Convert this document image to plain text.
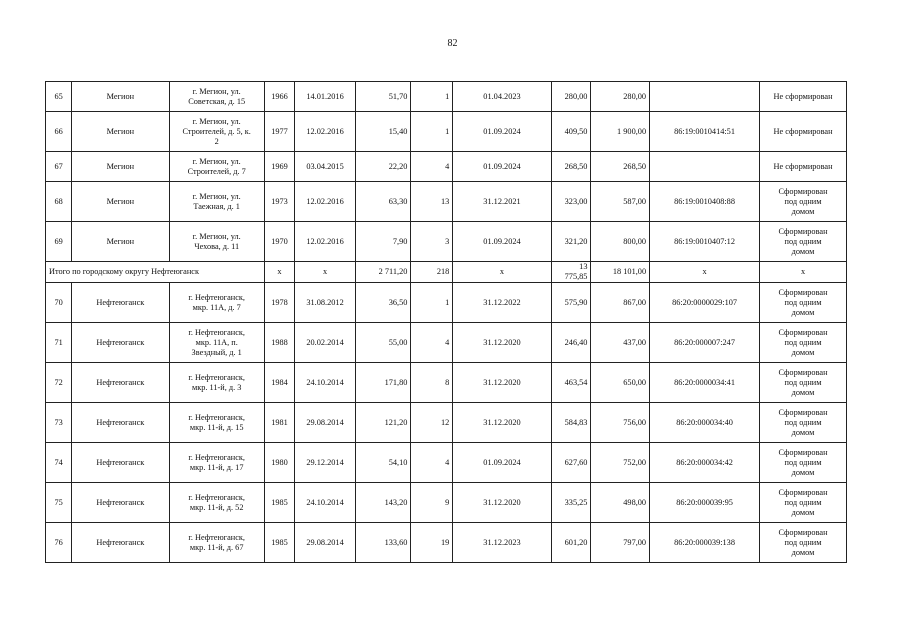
82
65	Мегион	г. Мегион, ул.
Советская, д. 15	1966	14.01.2016	51,70	1	01.04.2023	280,00	280,00		Не сформирован
66	Мегион	г. Мегион, ул.
Строителей, д. 5, к.
2	1977	12.02.2016	15,40	1	01.09.2024	409,50	1 900,00	86:19:0010414:51	Не сформирован
67	Мегион	г. Мегион, ул.
Строителей, д. 7	1969	03.04.2015	22,20	4	01.09.2024	268,50	268,50		Не сформирован
68	Мегион	г. Мегион, ул.
Таежная, д. 1	1973	12.02.2016	63,30	13	31.12.2021	323,00	587,00	86:19:0010408:88	Сформирован
под одним
домом
69	Мегион	г. Мегион, ул.
Чехова, д. 11	1970	12.02.2016	7,90	3	01.09.2024	321,20	800,00	86:19:0010407:12	Сформирован
под одним
домом
Итого по городскому округу Нефтеюганск			x	x	2 711,20	218	x	13 775,85	18 101,00	x	x
70	Нефтеюганск	г. Нефтеюганск,
мкр. 11А, д. 7	1978	31.08.2012	36,50	1	31.12.2022	575,90	867,00	86:20:0000029:107	Сформирован
под одним
домом
71	Нефтеюганск	г. Нефтеюганск,
мкр. 11А, п.
Звездный, д. 1	1988	20.02.2014	55,00	4	31.12.2020	246,40	437,00	86:20:000007:247	Сформирован
под одним
домом
72	Нефтеюганск	г. Нефтеюганск,
мкр. 11-й, д. 3	1984	24.10.2014	171,80	8	31.12.2020	463,54	650,00	86:20:0000034:41	Сформирован
под одним
домом
73	Нефтеюганск	г. Нефтеюганск,
мкр. 11-й, д. 15	1981	29.08.2014	121,20	12	31.12.2020	584,83	756,00	86:20:000034:40	Сформирован
под одним
домом
74	Нефтеюганск	г. Нефтеюганск,
мкр. 11-й, д. 17	1980	29.12.2014	54,10	4	01.09.2024	627,60	752,00	86:20:000034:42	Сформирован
под одним
домом
75	Нефтеюганск	г. Нефтеюганск,
мкр. 11-й, д. 52	1985	24.10.2014	143,20	9	31.12.2020	335,25	498,00	86:20:000039:95	Сформирован
под одним
домом
76	Нефтеюганск	г. Нефтеюганск,
мкр. 11-й, д. 67	1985	29.08.2014	133,60	19	31.12.2023	601,20	797,00	86:20:000039:138	Сформирован
под одним
домом
